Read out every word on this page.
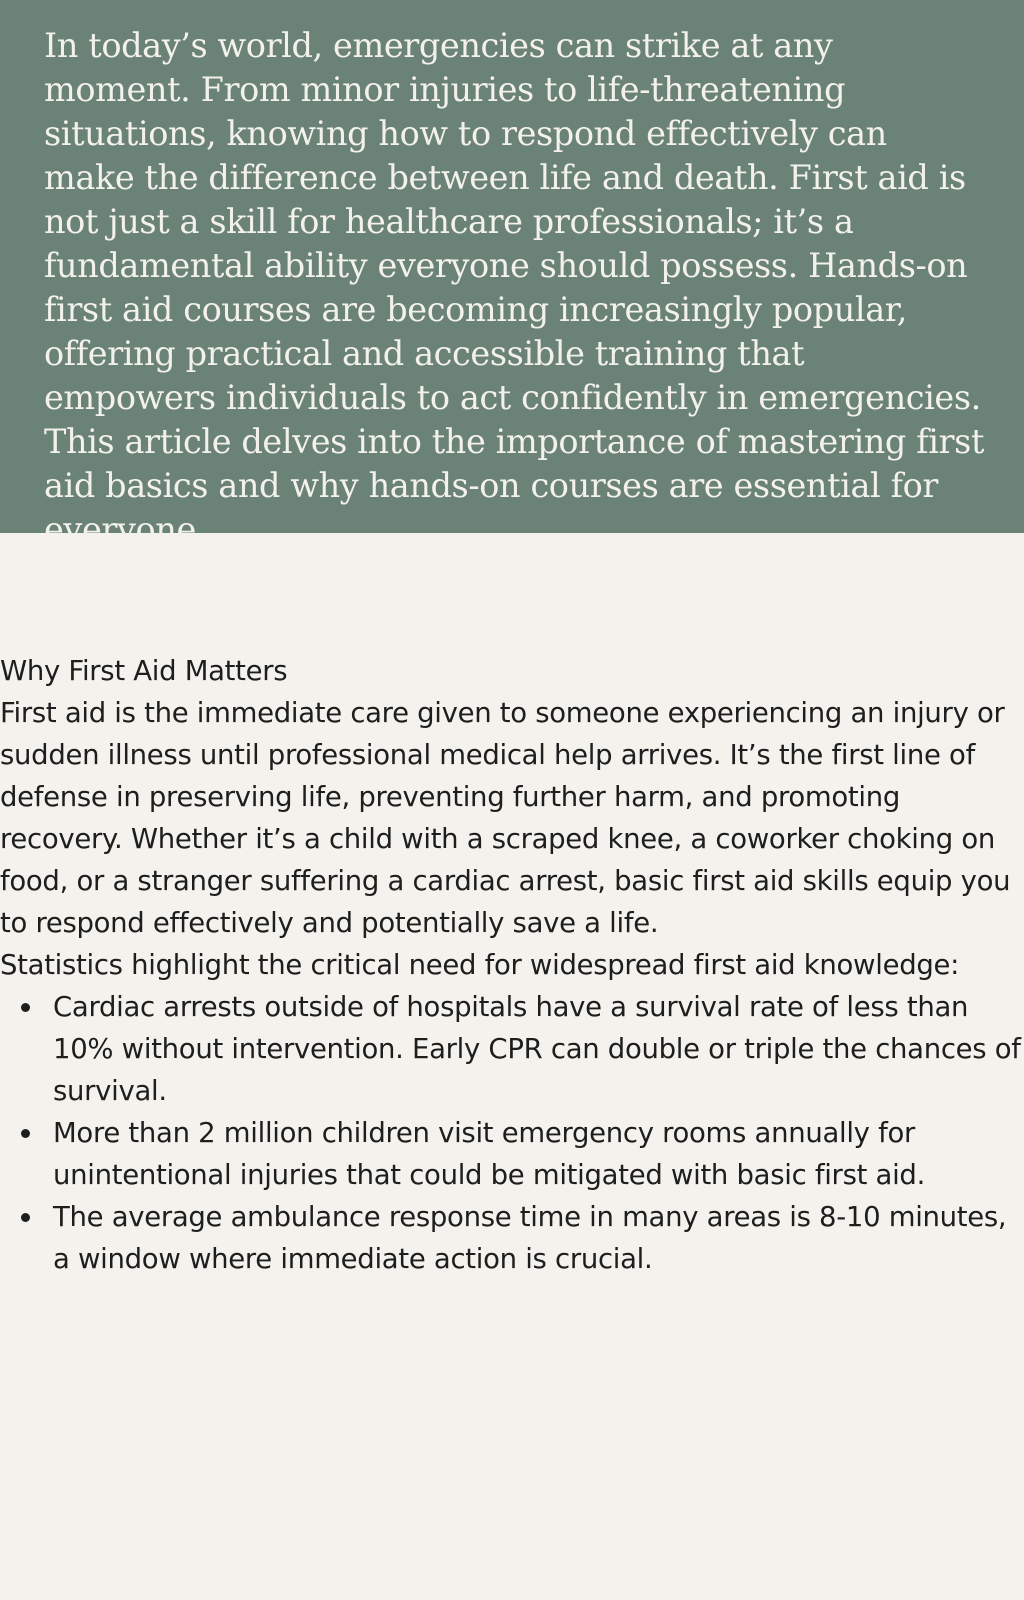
In today’s world, emergencies can strike at any moment. From minor injuries to life-threatening situations, knowing how to respond effectively can make the difference between life and death. First aid is not just a skill for healthcare professionals; it’s a fundamental ability everyone should possess. Hands-on first aid courses are becoming increasingly popular, offering practical and accessible training that empowers individuals to act confidently in emergencies. This article delves into the importance of mastering first aid basics and why hands-on courses are essential for everyone.

Why First Aid Matters

First aid is the immediate care given to someone experiencing an injury or sudden illness until professional medical help arrives. It’s the first line of defense in preserving life, preventing further harm, and promoting recovery. Whether it’s a child with a scraped knee, a coworker choking on food, or a stranger suffering a cardiac arrest, basic first aid skills equip you to respond effectively and potentially save a life.

Statistics highlight the critical need for widespread first aid knowledge:

Cardiac arrests outside of hospitals have a survival rate of less than 10% without intervention. Early CPR can double or triple the chances of survival.
More than 2 million children visit emergency rooms annually for unintentional injuries that could be mitigated with basic first aid.
The average ambulance response time in many areas is 8-10 minutes, a window where immediate action is crucial.
